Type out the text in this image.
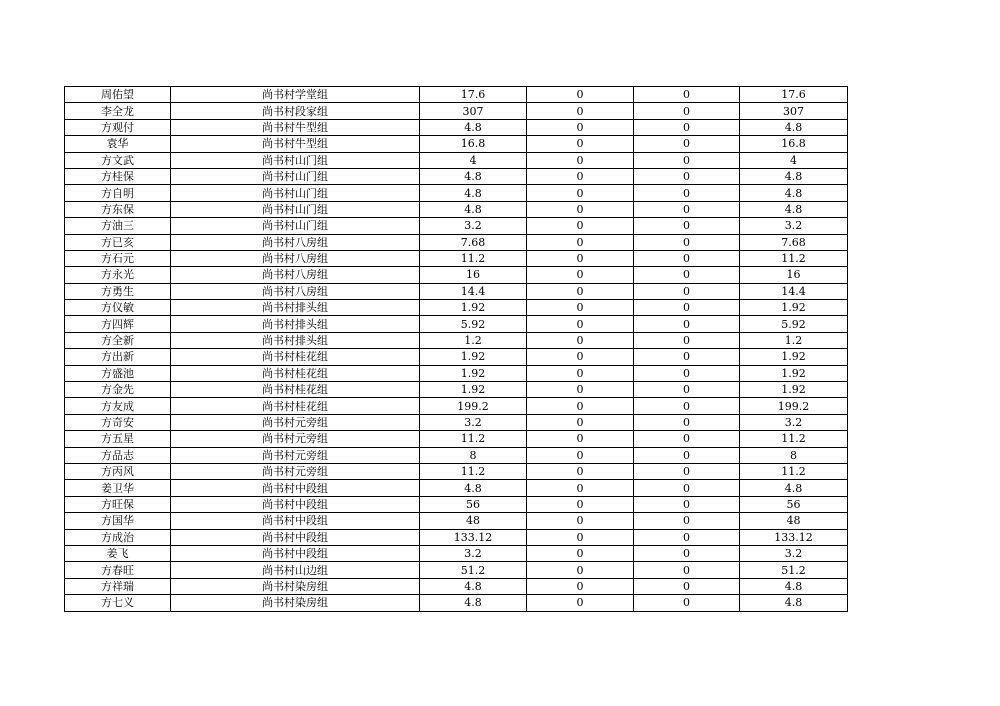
周佑望	尚书村学堂组	17.6	0	0	17.6
李全龙	尚书村段家组	307	0	0	307
方观付	尚书村牛型组	4.8	0	0	4.8
袁华	尚书村牛型组	16.8	0	0	16.8
方文武	尚书村山门组	4	0	0	4
方桂保	尚书村山门组	4.8	0	0	4.8
方自明	尚书村山门组	4.8	0	0	4.8
方东保	尚书村山门组	4.8	0	0	4.8
方油三	尚书村山门组	3.2	0	0	3.2
方已亥	尚书村八房组	7.68	0	0	7.68
方石元	尚书村八房组	11.2	0	0	11.2
方永光	尚书村八房组	16	0	0	16
方勇生	尚书村八房组	14.4	0	0	14.4
方仪敏	尚书村排头组	1.92	0	0	1.92
方四辉	尚书村排头组	5.92	0	0	5.92
方全新	尚书村排头组	1.2	0	0	1.2
方出新	尚书村桂花组	1.92	0	0	1.92
方盛池	尚书村桂花组	1.92	0	0	1.92
方金先	尚书村桂花组	1.92	0	0	1.92
方友成	尚书村桂花组	199.2	0	0	199.2
方奇安	尚书村元旁组	3.2	0	0	3.2
方五星	尚书村元旁组	11.2	0	0	11.2
方品志	尚书村元旁组	8	0	0	8
方丙风	尚书村元旁组	11.2	0	0	11.2
姜卫华	尚书村中段组	4.8	0	0	4.8
方旺保	尚书村中段组	56	0	0	56
方国华	尚书村中段组	48	0	0	48
方成治	尚书村中段组	133.12	0	0	133.12
姜飞	尚书村中段组	3.2	0	0	3.2
方春旺	尚书村山边组	51.2	0	0	51.2
方祥瑞	尚书村染房组	4.8	0	0	4.8
方七义	尚书村染房组	4.8	0	0	4.8
